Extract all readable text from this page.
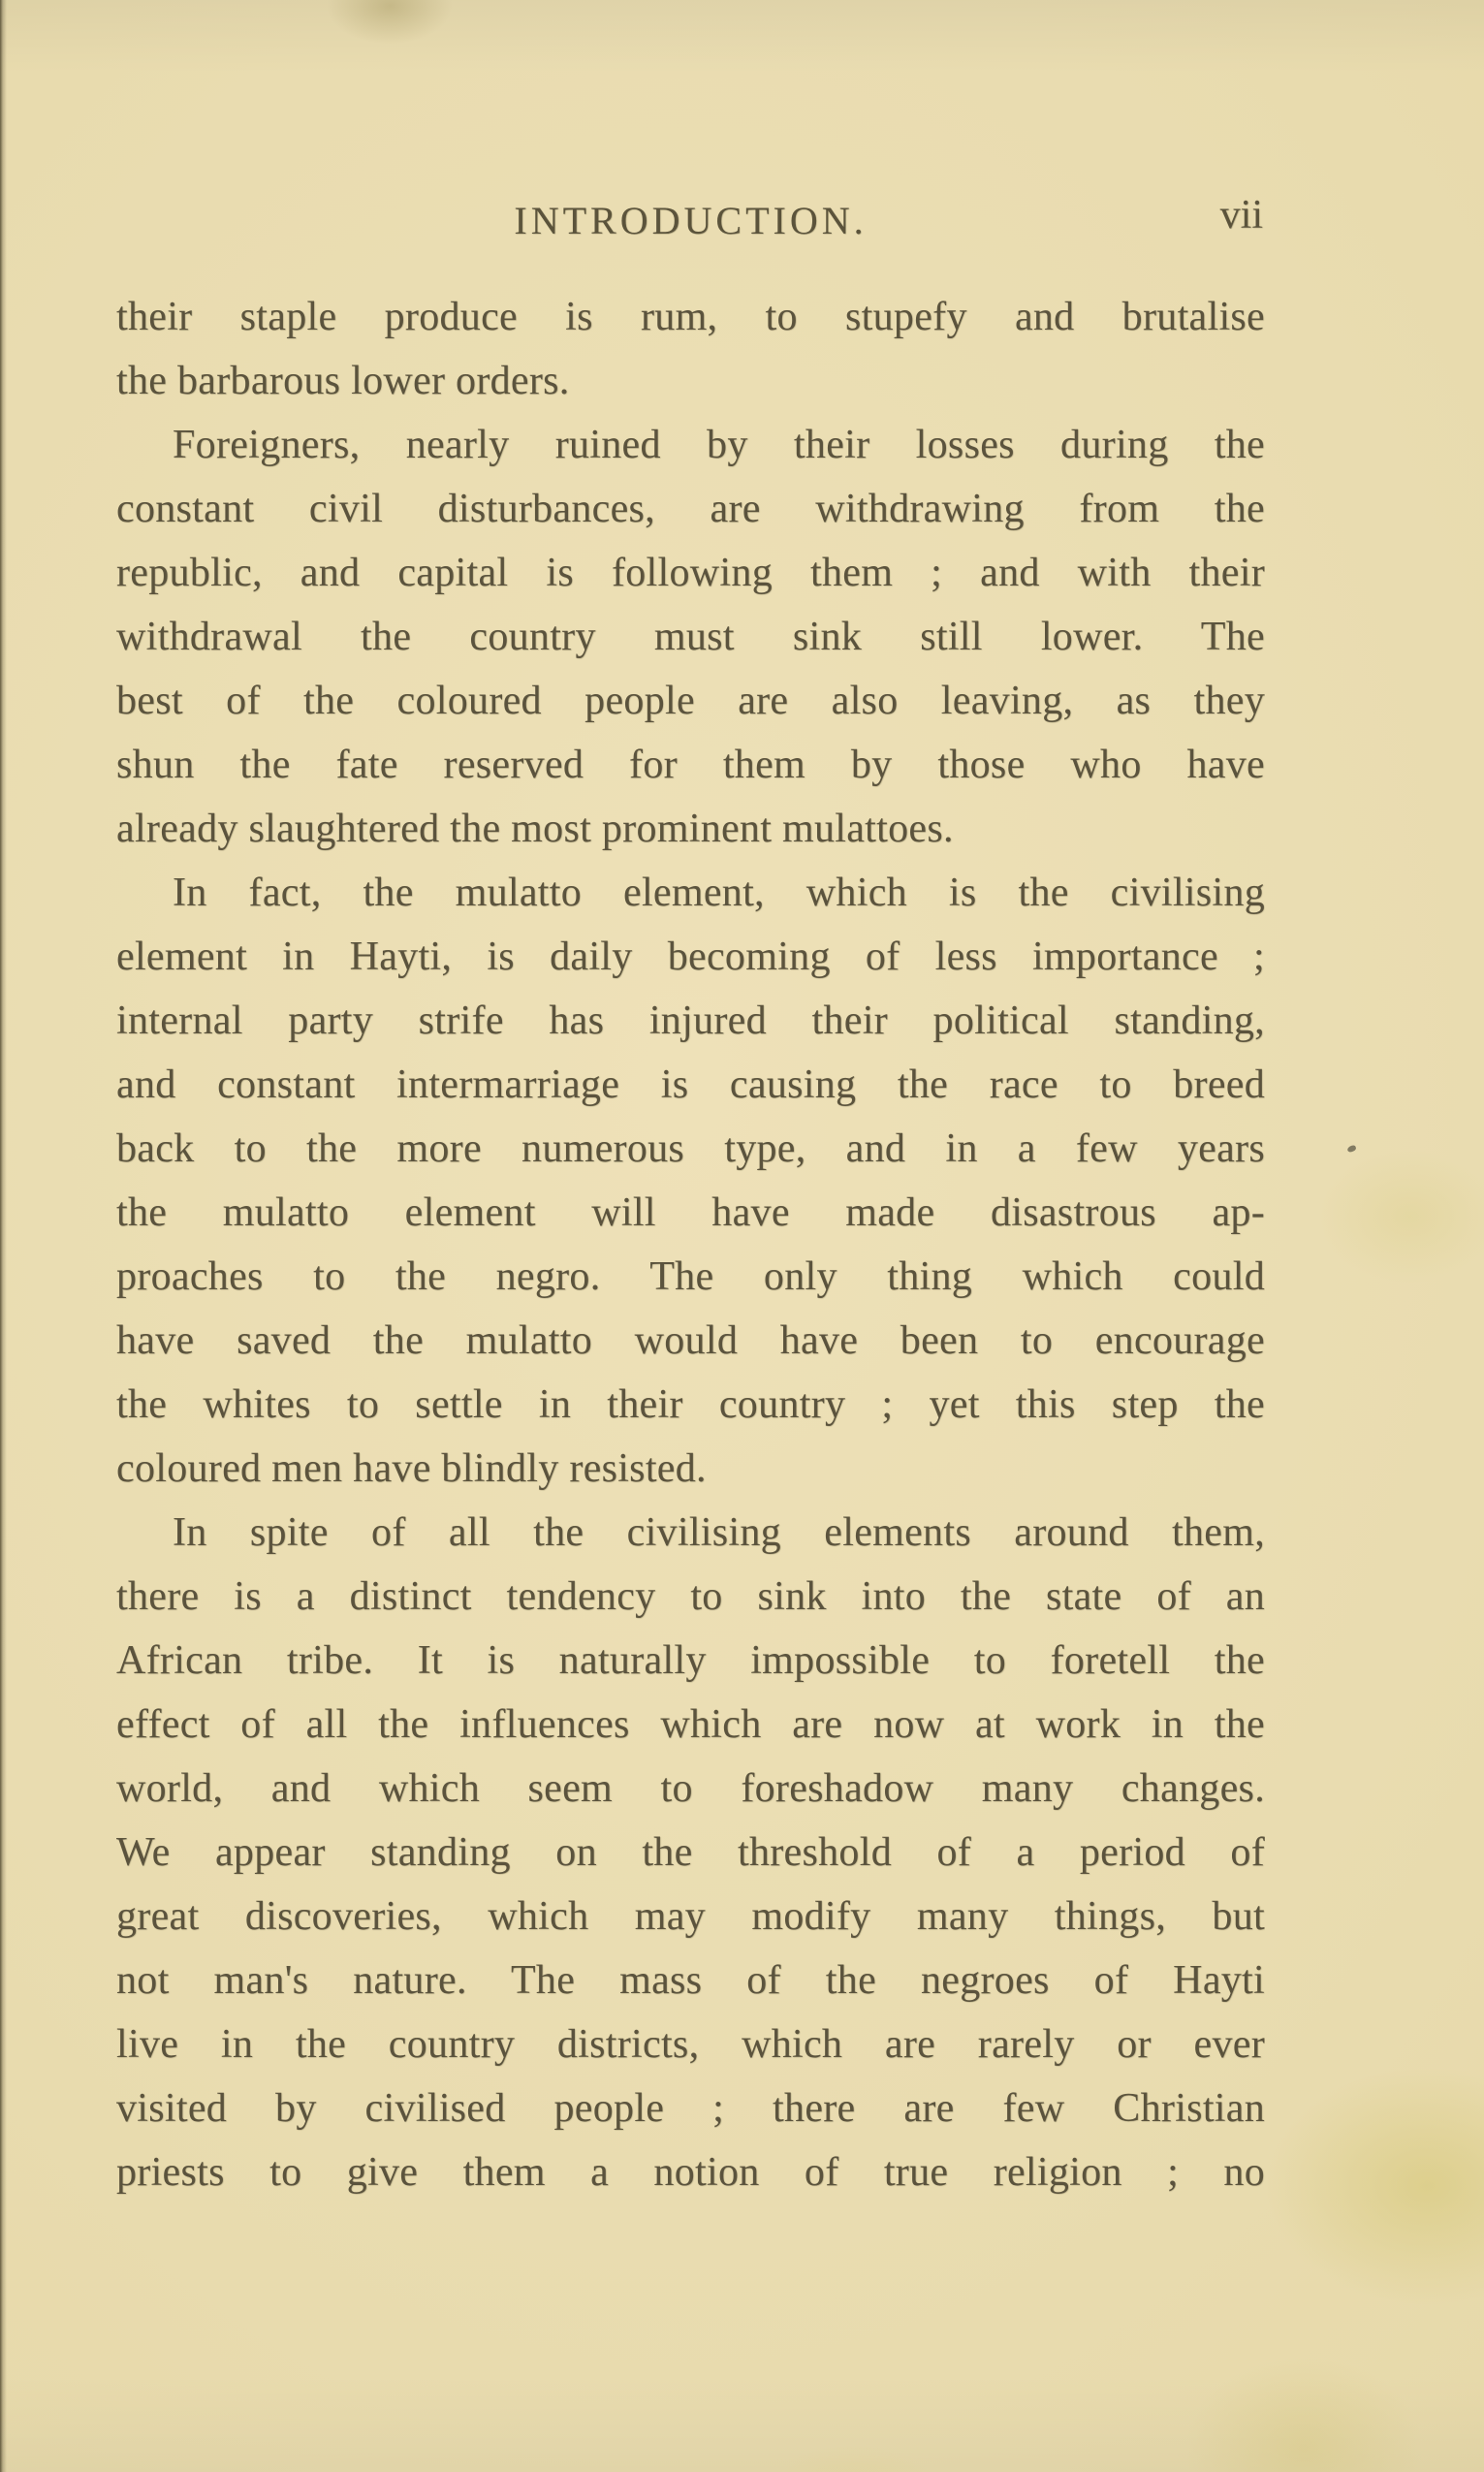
INTRODUCTION.	vii
their staple produce is rum, to stupefy and brutalise
the barbarous lower orders.
Foreigners, nearly ruined by their losses during the
constant civil disturbances, are withdrawing from the
republic, and capital is following them ; and with their
withdrawal the country must sink still lower. The
best of the coloured people are also leaving, as they
shun the fate reserved for them by those who have
already slaughtered the most prominent mulattoes.
In fact, the mulatto element, which is the civilising
element in Hayti, is daily becoming of less importance ;
internal party strife has injured their political standing,
and constant intermarriage is causing the race to breed
back to the more numerous type, and in a few years
the mulatto element will have made disastrous ap-
proaches to the negro. The only thing which could
have saved the mulatto would have been to encourage
the whites to settle in their country ; yet this step the
coloured men have blindly resisted.
In spite of all the civilising elements around them,
there is a distinct tendency to sink into the state of an
African tribe. It is naturally impossible to foretell the
effect of all the influences which are now at work in the
world, and which seem to foreshadow many changes.
We appear standing on the threshold of a period of
great discoveries, which may modify many things, but
not man's nature. The mass of the negroes of Hayti
live in the country districts, which are rarely or ever
visited by civilised people ; there are few Christian
priests to give them a notion of true religion ; no
